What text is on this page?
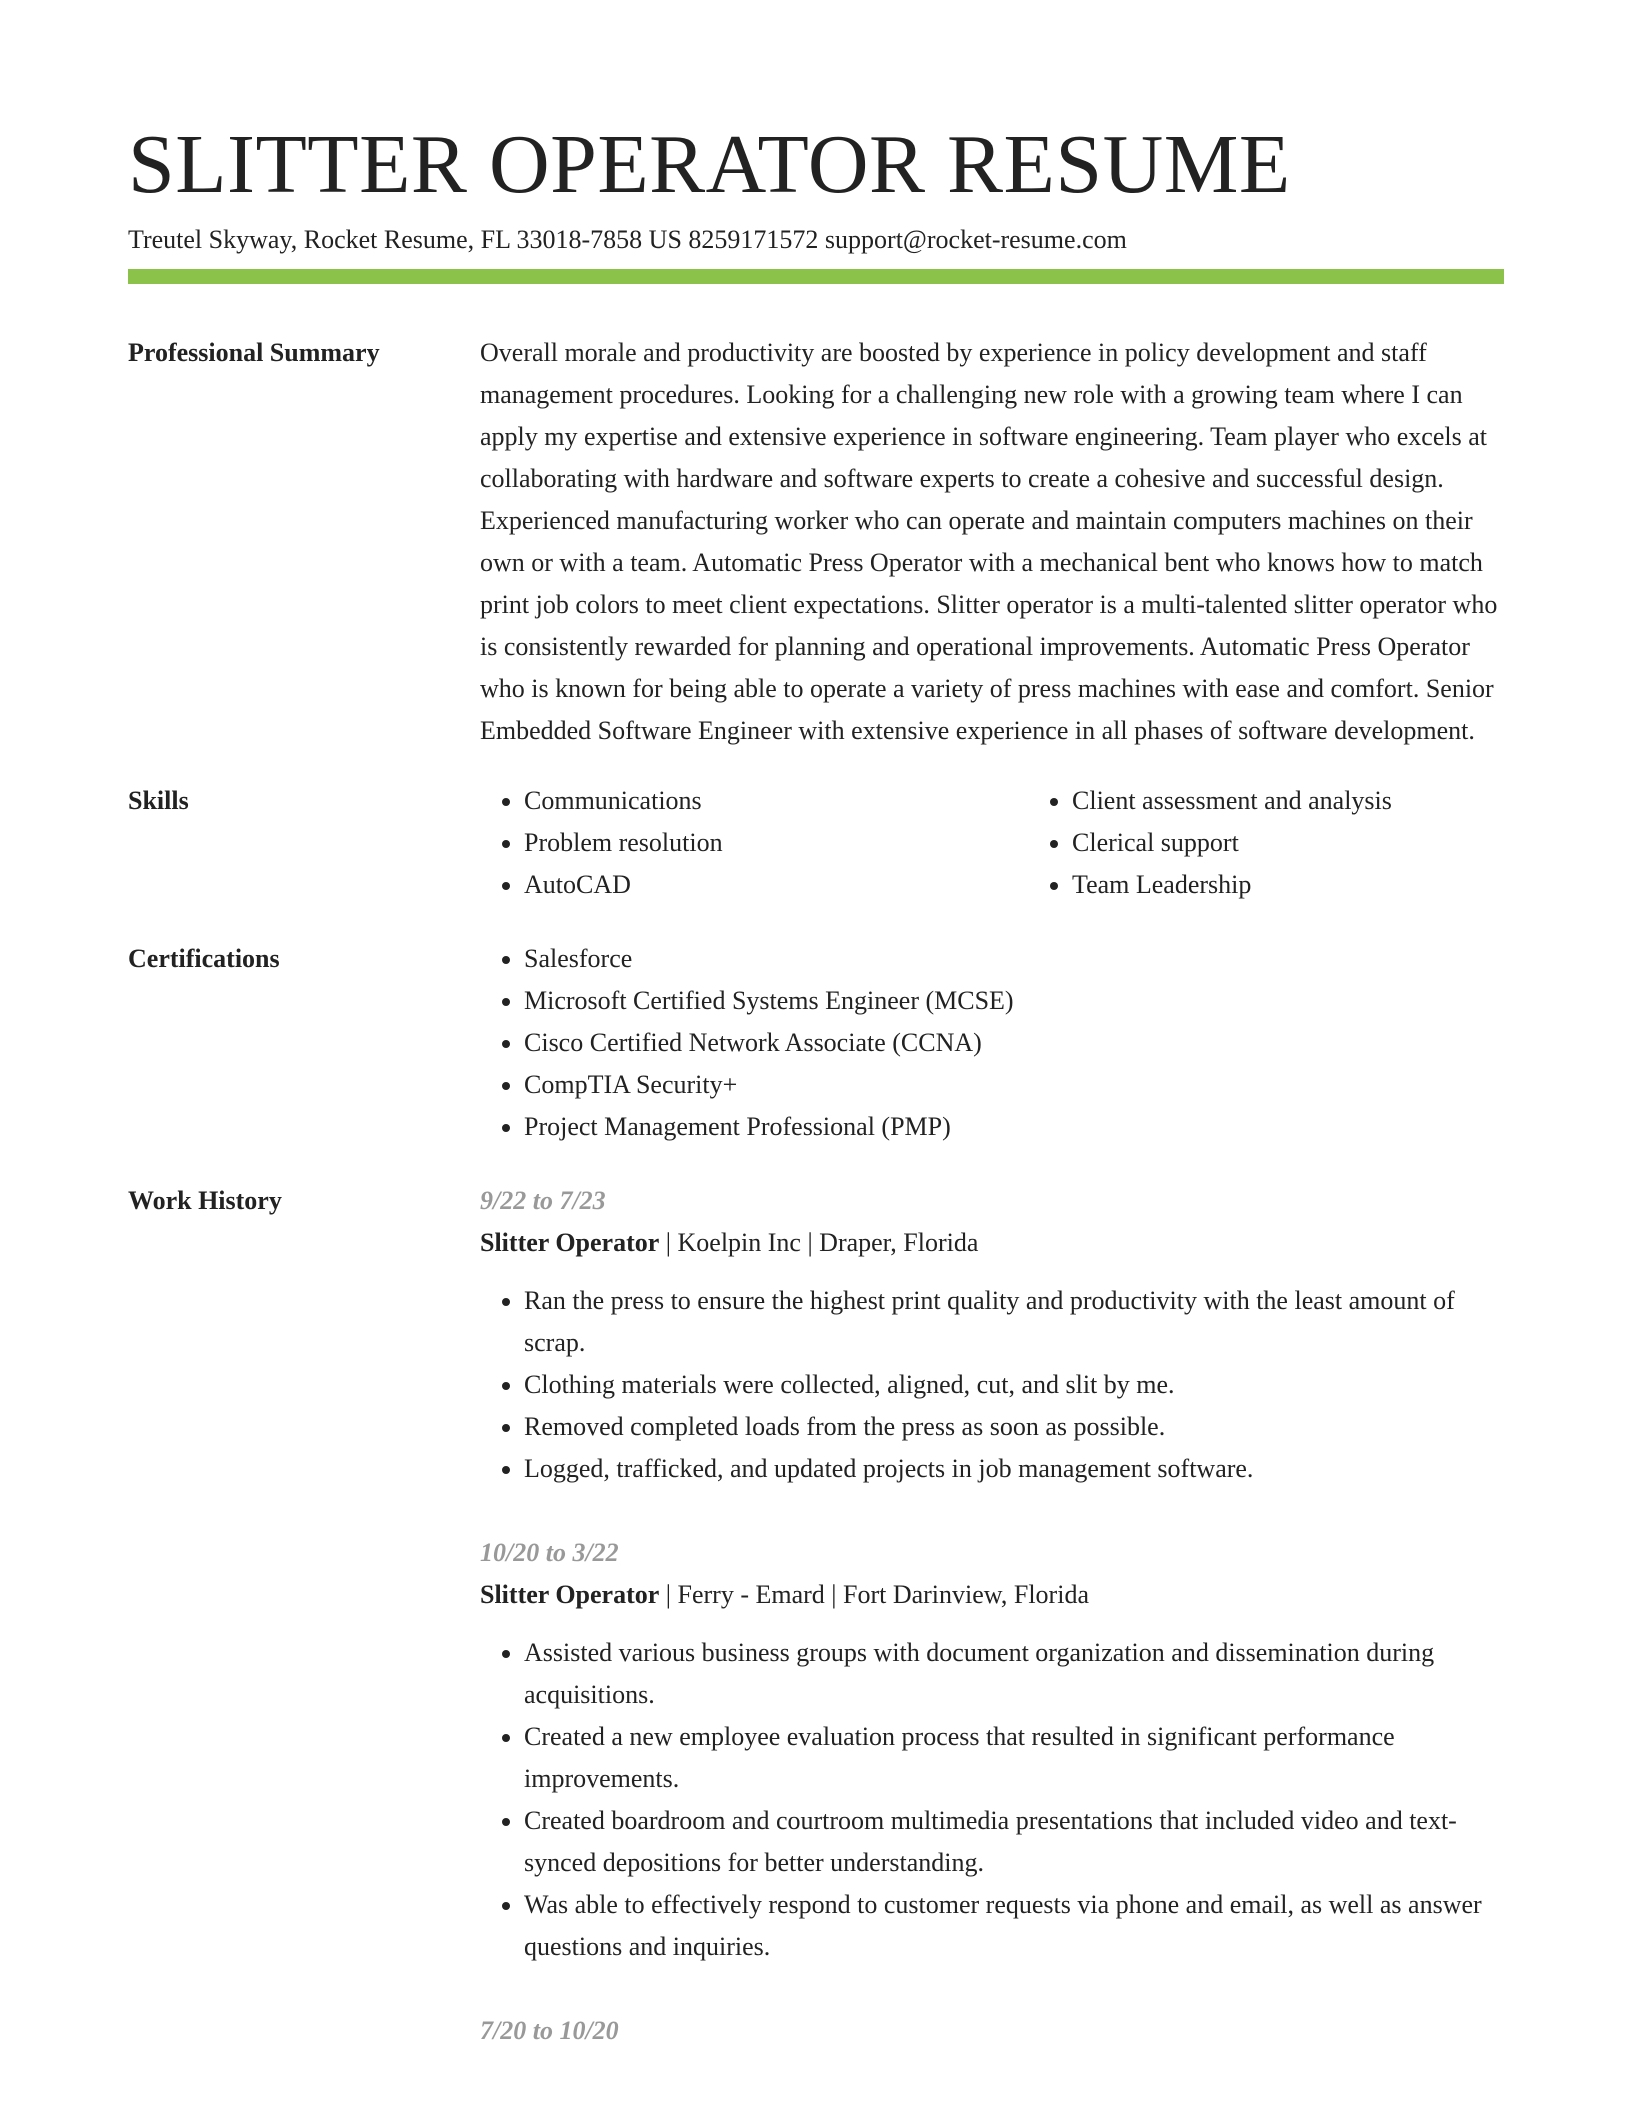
SLITTER OPERATOR RESUME
Treutel Skyway, Rocket Resume, FL 33018-7858 US 8259171572 support@rocket-resume.com
Professional Summary	Overall morale and productivity are boosted by experience in policy development and staff management procedures. Looking for a challenging new role with a growing team where I can apply my expertise and extensive experience in software engineering. Team player who excels at collaborating with hardware and software experts to create a cohesive and successful design. Experienced manufacturing worker who can operate and maintain computers machines on their own or with a team. Automatic Press Operator with a mechanical bent who knows how to match print job colors to meet client expectations. Slitter operator is a multi-talented slitter operator who is consistently rewarded for planning and operational improvements. Automatic Press Operator who is known for being able to operate a variety of press machines with ease and comfort. Senior Embedded Software Engineer with extensive experience in all phases of software development.

Skills	• Communications
• Problem resolution
• AutoCAD
• Client assessment and analysis
• Clerical support
• Team Leadership
Certifications	• Salesforce
• Microsoft Certified Systems Engineer (MCSE)
• Cisco Certified Network Associate (CCNA)
• CompTIA Security+
• Project Management Professional (PMP)
Work History	9/22 to 7/23
Slitter Operator | Koelpin Inc | Draper, Florida
• Ran the press to ensure the highest print quality and productivity with the least amount of scrap.
• Clothing materials were collected, aligned, cut, and slit by me.
• Removed completed loads from the press as soon as possible.
• Logged, trafficked, and updated projects in job management software.
10/20 to 3/22
Slitter Operator | Ferry - Emard | Fort Darinview, Florida
• Assisted various business groups with document organization and dissemination during acquisitions.
• Created a new employee evaluation process that resulted in significant performance improvements.
• Created boardroom and courtroom multimedia presentations that included video and text-synced depositions for better understanding.
• Was able to effectively respond to customer requests via phone and email, as well as answer questions and inquiries.
7/20 to 10/20
